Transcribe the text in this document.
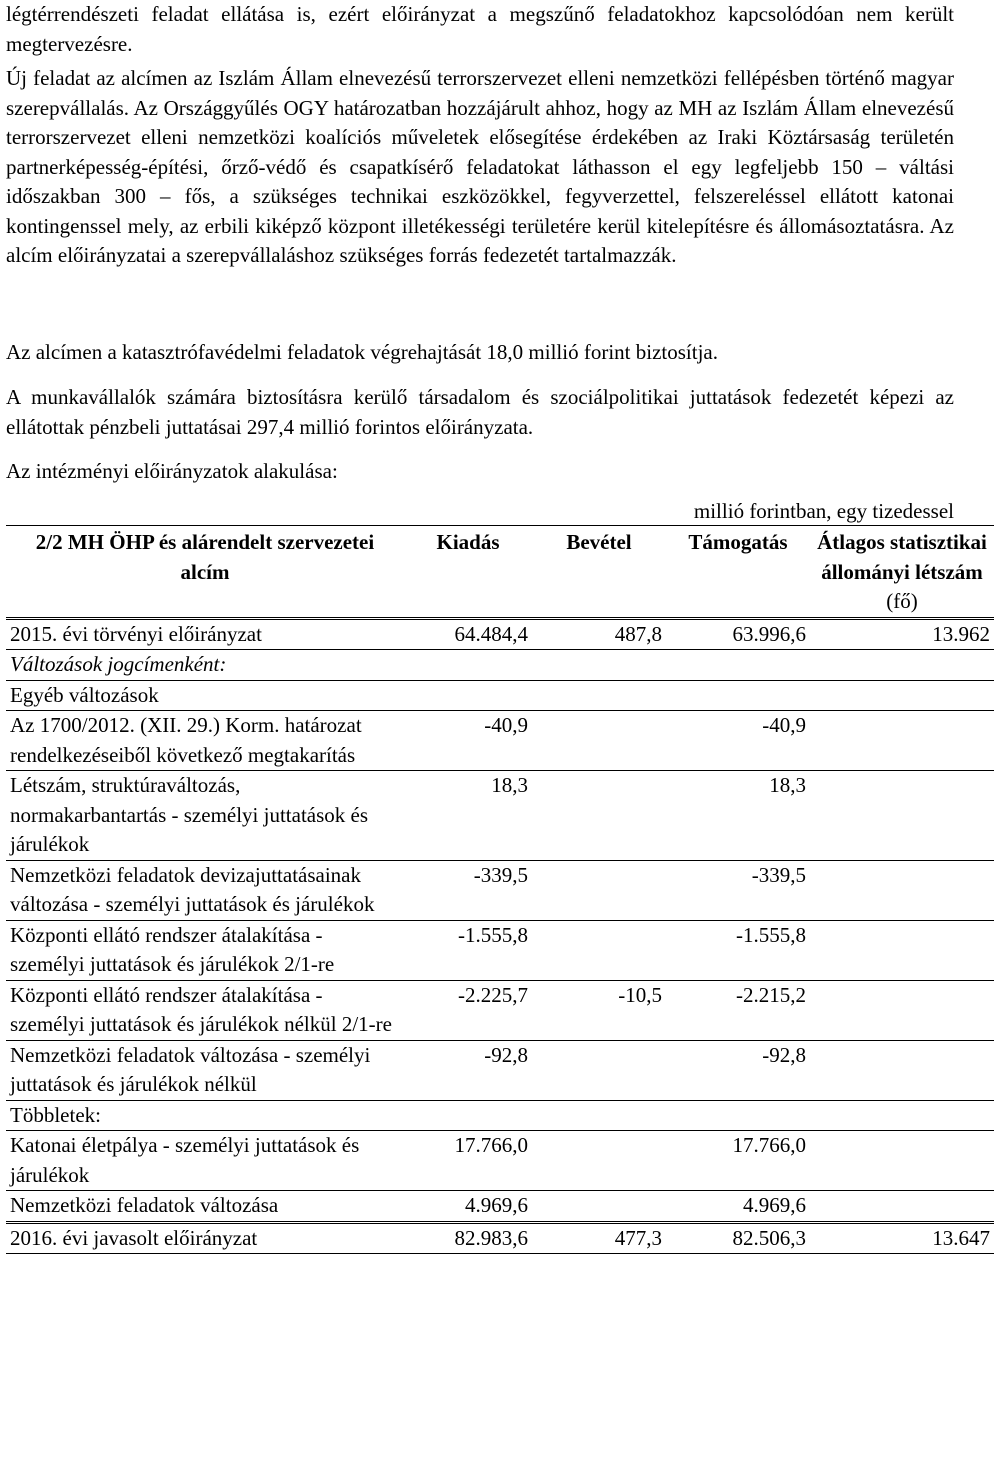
légtérrendészeti feladat ellátása is, ezért előirányzat a megszűnő feladatokhoz kapcsolódóan nem került megtervezésre.

Új feladat az alcímen az Iszlám Állam elnevezésű terrorszervezet elleni nemzetközi fellépésben történő magyar szerepvállalás. Az Országgyűlés OGY határozatban hozzájárult ahhoz, hogy az MH az Iszlám Állam elnevezésű terrorszervezet elleni nemzetközi koalíciós műveletek elősegítése érdekében az Iraki Köztársaság területén partnerképesség-építési, őrző-védő és csapatkísérő feladatokat láthasson el egy legfeljebb 150 – váltási időszakban 300 – fős, a szükséges technikai eszközökkel, fegyverzettel, felszereléssel ellátott katonai kontingenssel mely, az erbili kiképző központ illetékességi területére kerül kitelepítésre és állomásoztatásra. Az alcím előirányzatai a szerepvállaláshoz szükséges forrás fedezetét tartalmazzák.

Az alcímen a katasztrófavédelmi feladatok végrehajtását 18,0 millió forint biztosítja.

A munkavállalók számára biztosításra kerülő társadalom és szociálpolitikai juttatások fedezetét képezi az ellátottak pénzbeli juttatásai 297,4 millió forintos előirányzata.

Az intézményi előirányzatok alakulása:

millió forintban, egy tizedessel

2/2 MH ÖHP és alárendelt szervezetei alcím	Kiadás	Bevétel	Támogatás	Átlagos statisztikai állományi létszám (fő)
2015. évi törvényi előirányzat	64.484,4	487,8	63.996,6	13.962
Változások jogcímenként:				
Egyéb változások				
Az 1700/2012. (XII. 29.) Korm. határozat rendelkezéseiből következő megtakarítás	-40,9		-40,9	
Létszám, struktúraváltozás, normakarbantartás - személyi juttatások és járulékok	18,3		18,3	
Nemzetközi feladatok devizajuttatásainak változása - személyi juttatások és járulékok	-339,5		-339,5	
Központi ellátó rendszer átalakítása - személyi juttatások és járulékok 2/1-re	-1.555,8		-1.555,8	
Központi ellátó rendszer átalakítása - személyi juttatások és járulékok nélkül 2/1-re	-2.225,7	-10,5	-2.215,2	
Nemzetközi feladatok változása - személyi juttatások és járulékok nélkül	-92,8		-92,8	
Többletek:				
Katonai életpálya - személyi juttatások és járulékok	17.766,0		17.766,0	
Nemzetközi feladatok változása	4.969,6		4.969,6	
2016. évi javasolt előirányzat	82.983,6	477,3	82.506,3	13.647
